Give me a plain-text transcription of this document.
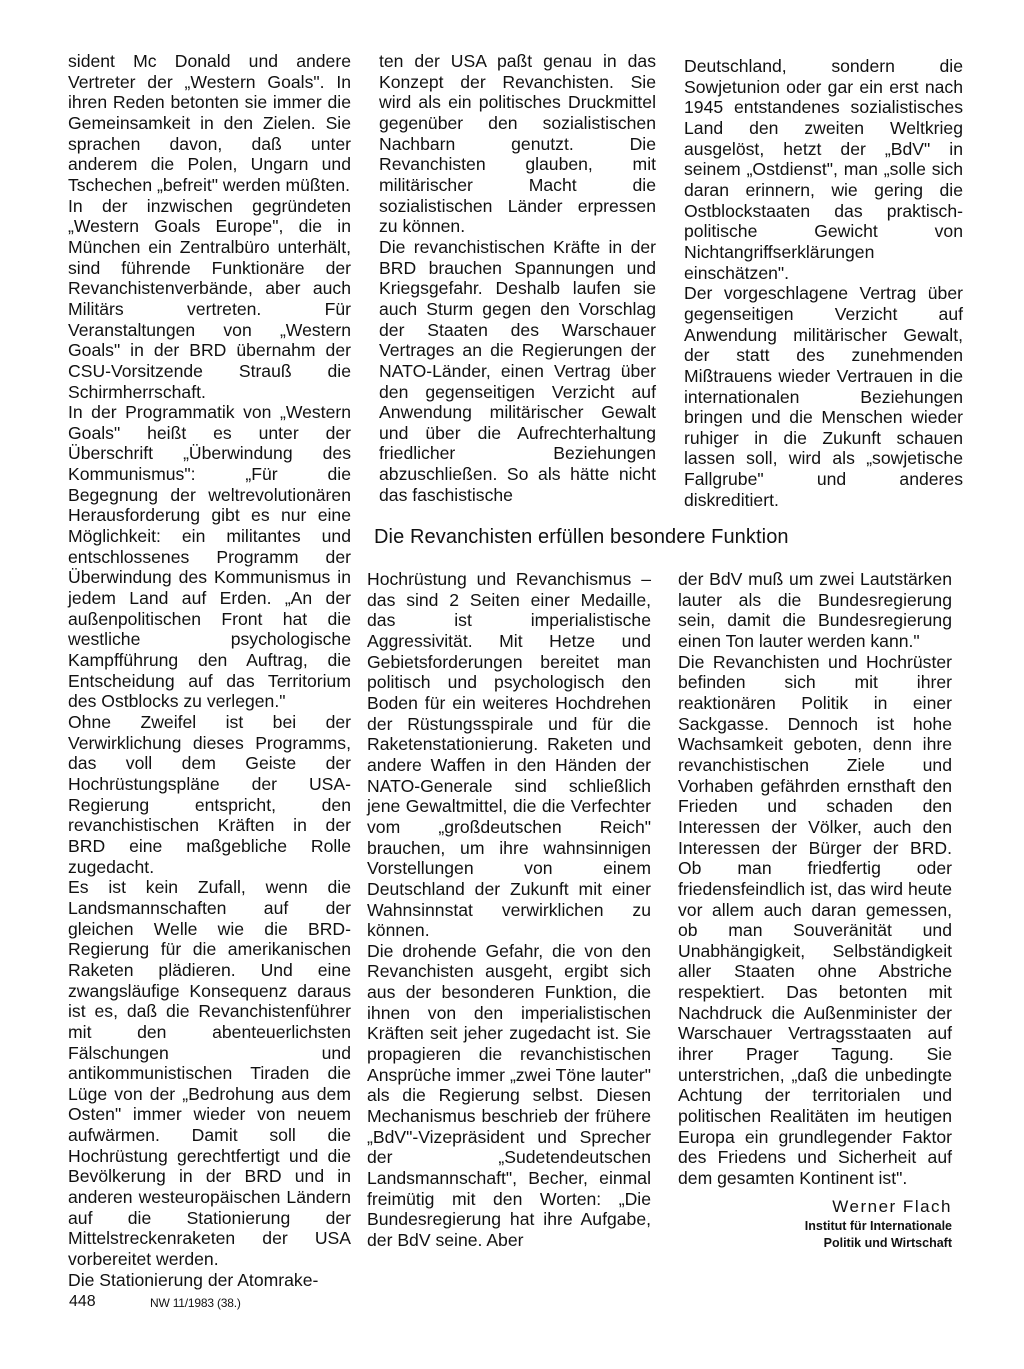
sident Mc Donald und andere Vertreter der „Western Goals". In ihren Reden betonten sie immer die Gemeinsamkeit in den Zielen. Sie sprachen davon, daß unter anderem die Polen, Ungarn und Tschechen „befreit" werden müßten.

In der inzwischen gegründeten „Western Goals Europe", die in München ein Zentralbüro unterhält, sind führende Funktionäre der Revanchistenverbände, aber auch Militärs vertreten. Für Veranstaltungen von „Western Goals" in der BRD übernahm der CSU-Vorsitzende Strauß die Schirmherrschaft.

In der Programmatik von „Western Goals" heißt es unter der Überschrift „Überwindung des Kommunismus": „Für die Begegnung der weltrevolutionären Herausforderung gibt es nur eine Möglichkeit: ein militantes und entschlossenes Programm der Überwindung des Kommunismus in jedem Land auf Erden. „An der außenpolitischen Front hat die westliche psychologische Kampfführung den Auftrag, die Entscheidung auf das Territorium des Ostblocks zu verlegen."

Ohne Zweifel ist bei der Verwirklichung dieses Programms, das voll dem Geiste der Hochrüstungspläne der USA-Regierung entspricht, den revanchistischen Kräften in der BRD eine maßgebliche Rolle zugedacht.

Es ist kein Zufall, wenn die Landsmannschaften auf der gleichen Welle wie die BRD-Regierung für die amerikanischen Raketen plädieren. Und eine zwangsläufige Konsequenz daraus ist es, daß die Revanchistenführer mit den abenteuerlichsten Fälschungen und antikommunistischen Tiraden die Lüge von der „Bedrohung aus dem Osten" immer wieder von neuem aufwärmen. Damit soll die Hochrüstung gerechtfertigt und die Bevölkerung in der BRD und in anderen westeuropäischen Ländern auf die Stationierung der Mittelstreckenraketen der USA vorbereitet werden.

Die Stationierung der Atomrake-

ten der USA paßt genau in das Konzept der Revanchisten. Sie wird als ein politisches Druckmittel gegenüber den sozialistischen Nachbarn genutzt. Die Revanchisten glauben, mit militärischer Macht die sozialistischen Länder erpressen zu können.

Die revanchistischen Kräfte in der BRD brauchen Spannungen und Kriegsgefahr. Deshalb laufen sie auch Sturm gegen den Vorschlag der Staaten des Warschauer Vertrages an die Regierungen der NATO-Länder, einen Vertrag über den gegenseitigen Verzicht auf Anwendung militärischer Gewalt und über die Aufrechterhaltung friedlicher Beziehungen abzuschließen. So als hätte nicht das faschistische

Deutschland, sondern die Sowjetunion oder gar ein erst nach 1945 entstandenes sozialistisches Land den zweiten Weltkrieg ausgelöst, hetzt der „BdV" in seinem „Ostdienst", man „solle sich daran erinnern, wie gering die Ostblockstaaten das praktisch-politische Gewicht von Nichtangriffserklärungen einschätzen".

Der vorgeschlagene Vertrag über gegenseitigen Verzicht auf Anwendung militärischer Gewalt, der statt des zunehmenden Mißtrauens wieder Vertrauen in die internationalen Beziehungen bringen und die Menschen wieder ruhiger in die Zukunft schauen lassen soll, wird als „sowjetische Fallgrube" und anderes diskreditiert.

Die Revanchisten erfüllen besondere Funktion

Hochrüstung und Revanchismus – das sind 2 Seiten einer Medaille, das ist imperialistische Aggressivität. Mit Hetze und Gebietsforderungen bereitet man politisch und psychologisch den Boden für ein weiteres Hochdrehen der Rüstungsspirale und für die Raketenstationierung. Raketen und andere Waffen in den Händen der NATO-Generale sind schließlich jene Gewaltmittel, die die Verfechter vom „großdeutschen Reich" brauchen, um ihre wahnsinnigen Vorstellungen von einem Deutschland der Zukunft mit einer Wahnsinnstat verwirklichen zu können.

Die drohende Gefahr, die von den Revanchisten ausgeht, ergibt sich aus der besonderen Funktion, die ihnen von den imperialistischen Kräften seit jeher zugedacht ist. Sie propagieren die revanchistischen Ansprüche immer „zwei Töne lauter" als die Regierung selbst. Diesen Mechanismus beschrieb der frühere „BdV"-Vizepräsident und Sprecher der „Sudetendeutschen Landsmannschaft", Becher, einmal freimütig mit den Worten: „Die Bundesregierung hat ihre Aufgabe, der BdV seine. Aber

der BdV muß um zwei Lautstärken lauter als die Bundesregierung sein, damit die Bundesregierung einen Ton lauter werden kann."

Die Revanchisten und Hochrüster befinden sich mit ihrer reaktionären Politik in einer Sackgasse. Dennoch ist hohe Wachsamkeit geboten, denn ihre revanchistischen Ziele und Vorhaben gefährden ernsthaft den Frieden und schaden den Interessen der Völker, auch den Interessen der Bürger der BRD. Ob man friedfertig oder friedensfeindlich ist, das wird heute vor allem auch daran gemessen, ob man Souveränität und Unabhängigkeit, Selbständigkeit aller Staaten ohne Abstriche respektiert. Das betonten mit Nachdruck die Außenminister der Warschauer Vertragsstaaten auf ihrer Prager Tagung. Sie unterstrichen, „daß die unbedingte Achtung der territorialen und politischen Realitäten im heutigen Europa ein grundlegender Faktor des Friedens und Sicherheit auf dem gesamten Kontinent ist".

Werner Flach
Institut für Internationale
Politik und Wirtschaft
448	NW 11/1983 (38.)
